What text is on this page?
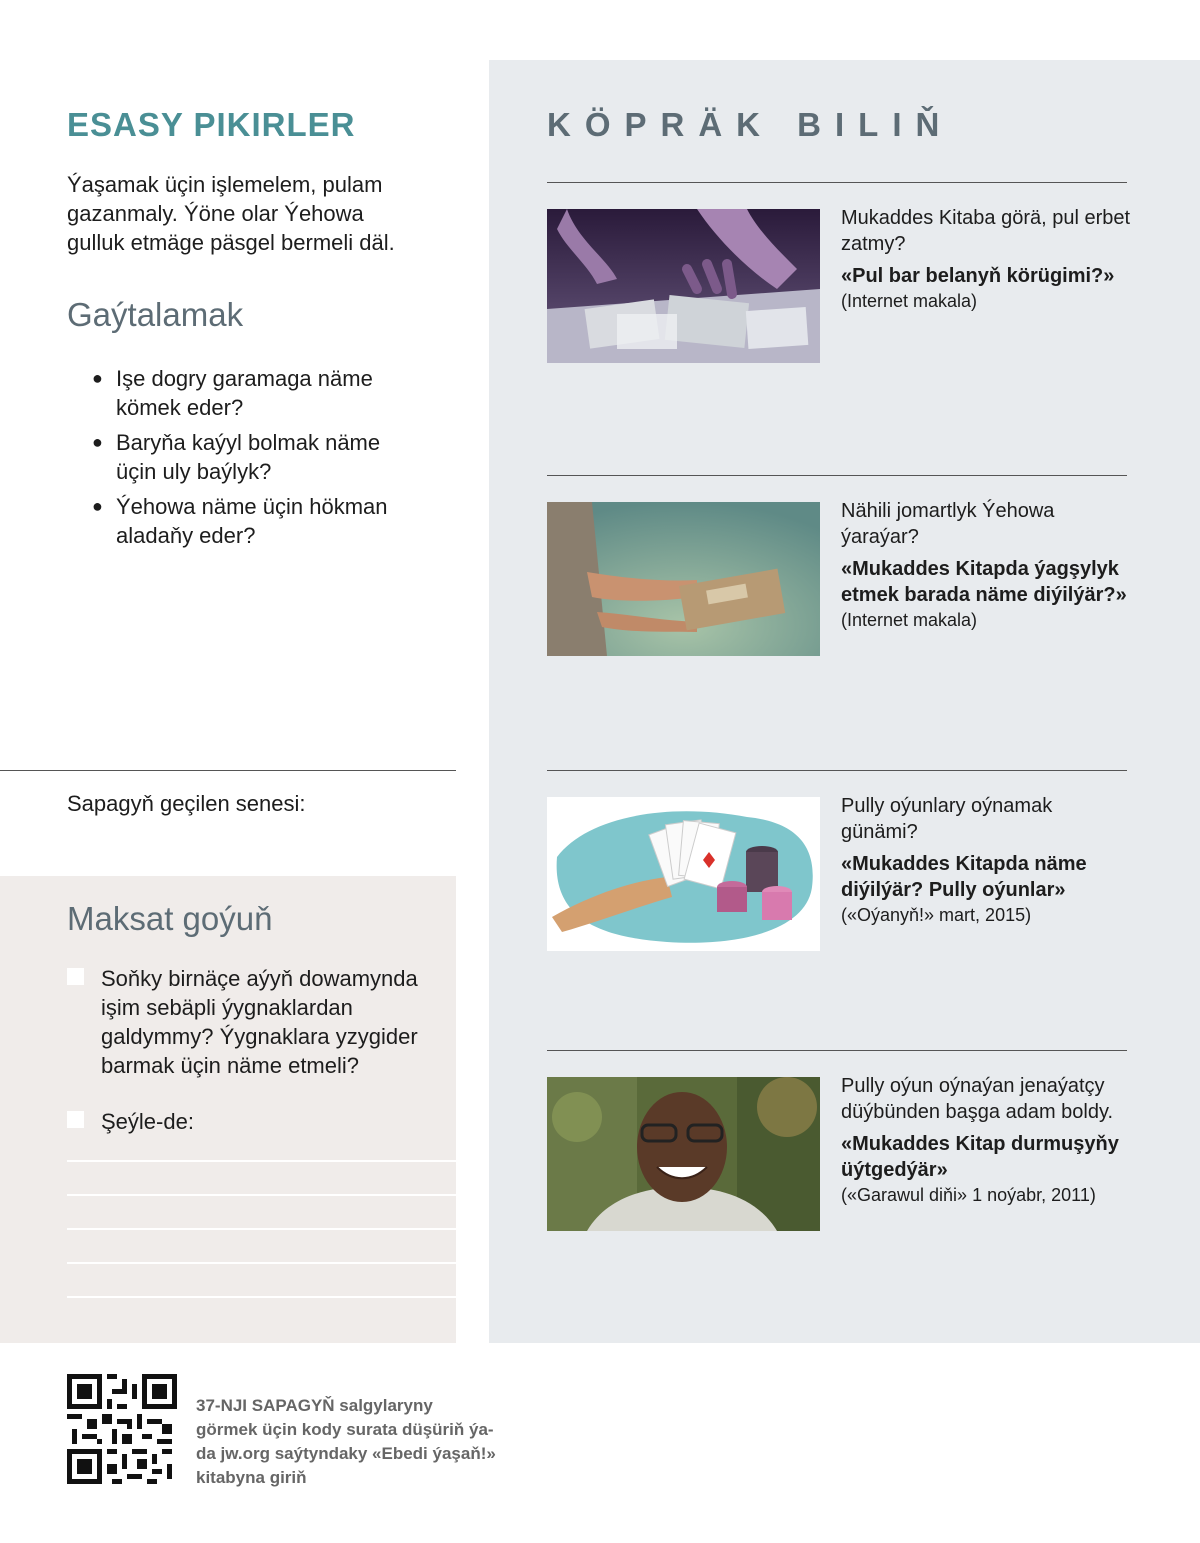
ESASY PIKIRLER
Ýaşamak üçin işlemelem, pulam gazanmaly. Ýöne olar Ýehowa gulluk etmäge päsgel bermeli däl.
Gaýtalamak
● Işe dogry garamaga näme kömek eder?
● Baryňa kaýyl bolmak näme üçin uly baýlyk?
● Ýehowa näme üçin hökman aladaňy eder?
Sapagyň geçilen senesi:
Maksat goýuň
Soňky birnäçe aýyň dowamynda işim sebäpli ýygnaklardan galdymmy? Ýygnaklara yzygider barmak üçin näme etmeli?
Şeýle-de:
KÖPRÄK BILIŇ
Mukaddes Kitaba görä, pul erbet zatmy?
«Pul bar belanyň körügimi?»
(Internet makala)
Nähili jomartlyk Ýehowa ýaraýar?
«Mukaddes Kitapda ýagşylyk etmek barada näme diýilýär?»
(Internet makala)
Pully oýunlary oýnamak günämi?
«Mukaddes Kitapda näme diýilýär? Pully oýunlar»
(«Oýanyň!» mart, 2015)
Pully oýun oýnaýan jenaýatçy düýbünden başga adam boldy.
«Mukaddes Kitap durmuşyňy üýtgedýär»
(«Garawul diňi» 1 noýabr, 2011)
37-NJI SAPAGYŇ salgylaryny görmek üçin kody surata düşüriň ýa-da jw.org saýtyndaky «Ebedi ýaşaň!» kitabyna giriň
